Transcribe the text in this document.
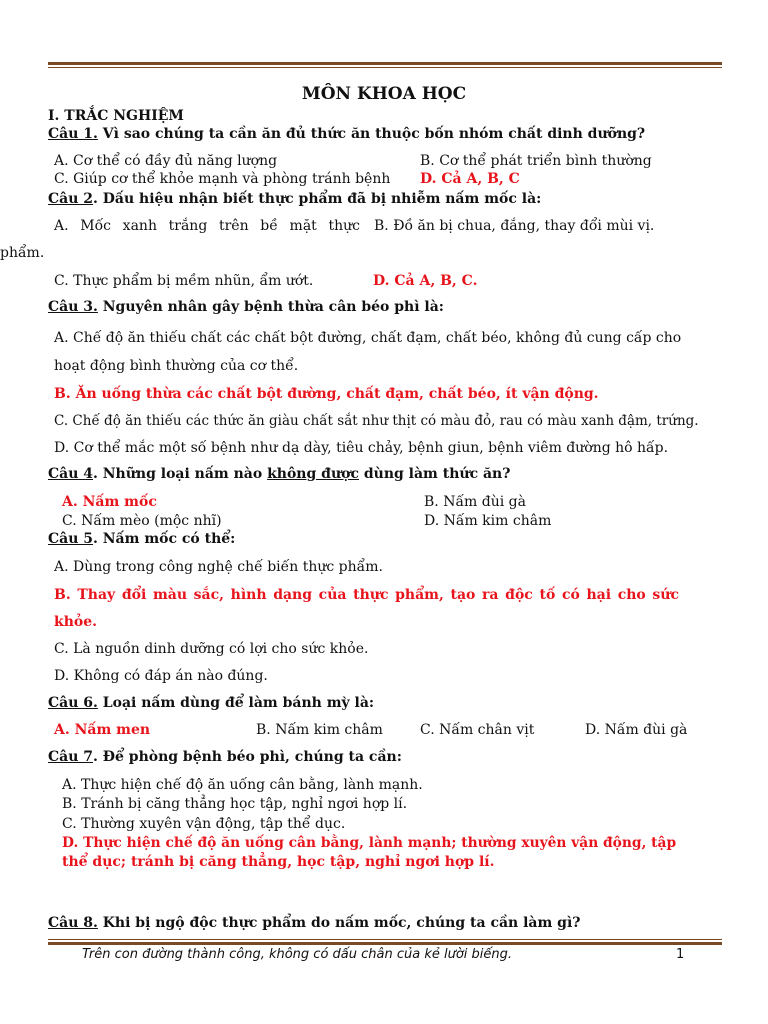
MÔN KHOA HỌC
I. TRẮC NGHIỆM
Câu 1. Vì sao chúng ta cần ăn đủ thức ăn thuộc bốn nhóm chất dinh dưỡng?
A. Cơ thể có đầy đủ năng lượng	B. Cơ thể phát triển bình thường
C. Giúp cơ thể khỏe mạnh và phòng tránh bệnh D. Cả A, B, C
Câu 2. Dấu hiệu nhận biết thực phẩm đã bị nhiễm nấm mốc là:
A. Mốc xanh trắng trên bề mặt thực B. Đồ ăn bị chua, đắng, thay đổi mùi vị.
phẩm.
C. Thực phẩm bị mềm nhũn, ẩm ướt.	D. Cả A, B, C.
Câu 3. Nguyên nhân gây bệnh thừa cân béo phì là:
A. Chế độ ăn thiếu chất các chất bột đường, chất đạm, chất béo, không đủ cung cấp cho
hoạt động bình thường của cơ thể.
B. Ăn uống thừa các chất bột đường, chất đạm, chất béo, ít vận động.
C. Chế độ ăn thiếu các thức ăn giàu chất sắt như thịt có màu đỏ, rau có màu xanh đậm, trứng.
D. Cơ thể mắc một số bệnh như dạ dày, tiêu chảy, bệnh giun, bệnh viêm đường hô hấp.
Câu 4. Những loại nấm nào không được dùng làm thức ăn?
A. Nấm mốc	B. Nấm đùi gà
C. Nấm mèo (mộc nhĩ)	D. Nấm kim châm
Câu 5. Nấm mốc có thể:
A. Dùng trong công nghệ chế biến thực phẩm.
B. Thay đổi màu sắc, hình dạng của thực phẩm, tạo ra độc tố có hại cho sức
khỏe.
C. Là nguồn dinh dưỡng có lợi cho sức khỏe.
D. Không có đáp án nào đúng.
Câu 6. Loại nấm dùng để làm bánh mỳ là:
A. Nấm men	B. Nấm kim châm	C. Nấm chân vịt	D. Nấm đùi gà
Câu 7. Để phòng bệnh béo phì, chúng ta cần:
A. Thực hiện chế độ ăn uống cân bằng, lành mạnh.
B. Tránh bị căng thẳng học tập, nghỉ ngơi hợp lí.
C. Thường xuyên vận động, tập thể dục.
D. Thực hiện chế độ ăn uống cân bằng, lành mạnh; thường xuyên vận động, tập
thể dục; tránh bị căng thẳng, học tập, nghỉ ngơi hợp lí.
Câu 8. Khi bị ngộ độc thực phẩm do nấm mốc, chúng ta cần làm gì?
Trên con đường thành công, không có dấu chân của kẻ lười biếng.	1
